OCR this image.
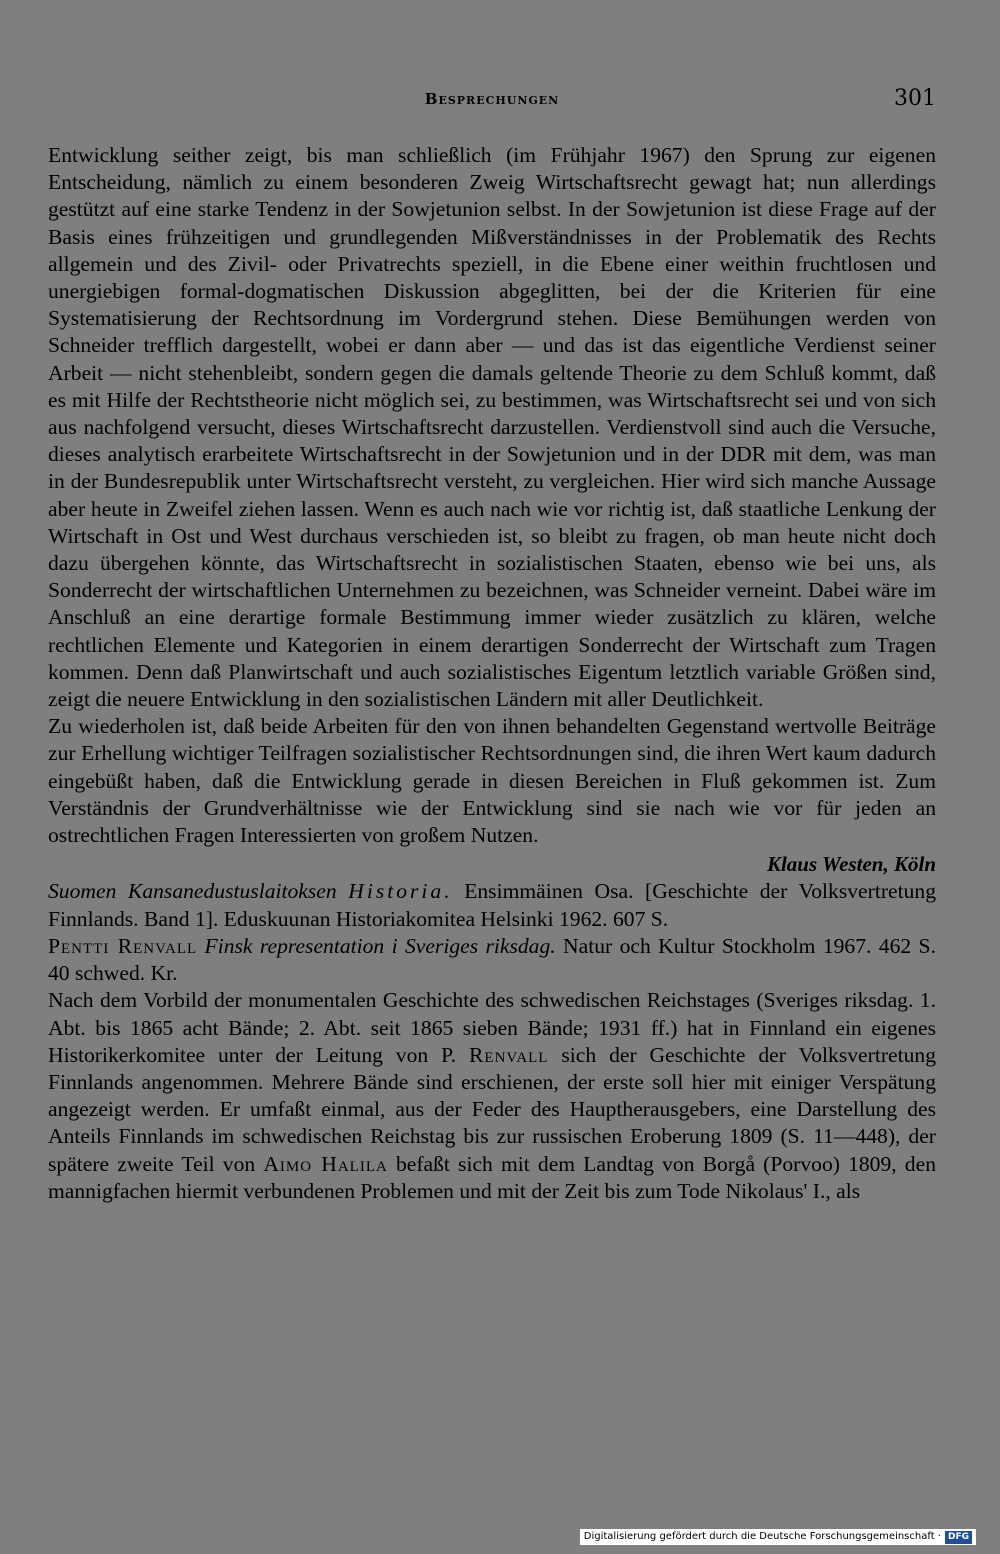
Besprechungen	301

Entwicklung seither zeigt, bis man schließlich (im Frühjahr 1967) den Sprung zur eigenen Entscheidung, nämlich zu einem besonderen Zweig Wirtschaftsrecht gewagt hat; nun allerdings gestützt auf eine starke Tendenz in der Sowjetunion selbst. In der Sowjetunion ist diese Frage auf der Basis eines frühzeitigen und grundlegenden Mißverständnisses in der Problematik des Rechts allgemein und des Zivil- oder Privatrechts speziell, in die Ebene einer weithin fruchtlosen und unergiebigen formal-dogmatischen Diskussion abgeglitten, bei der die Kriterien für eine Systematisierung der Rechtsordnung im Vordergrund stehen. Diese Bemühungen werden von Schneider trefflich dargestellt, wobei er dann aber — und das ist das eigentliche Verdienst seiner Arbeit — nicht stehenbleibt, sondern gegen die damals geltende Theorie zu dem Schluß kommt, daß es mit Hilfe der Rechtstheorie nicht möglich sei, zu bestimmen, was Wirtschaftsrecht sei und von sich aus nachfolgend versucht, dieses Wirtschaftsrecht darzustellen. Verdienstvoll sind auch die Versuche, dieses analytisch erarbeitete Wirtschaftsrecht in der Sowjetunion und in der DDR mit dem, was man in der Bundesrepublik unter Wirtschaftsrecht versteht, zu vergleichen. Hier wird sich manche Aussage aber heute in Zweifel ziehen lassen. Wenn es auch nach wie vor richtig ist, daß staatliche Lenkung der Wirtschaft in Ost und West durchaus verschieden ist, so bleibt zu fragen, ob man heute nicht doch dazu übergehen könnte, das Wirtschaftsrecht in sozialistischen Staaten, ebenso wie bei uns, als Sonderrecht der wirtschaftlichen Unternehmen zu bezeichnen, was Schneider verneint. Dabei wäre im Anschluß an eine derartige formale Bestimmung immer wieder zusätzlich zu klären, welche rechtlichen Elemente und Kategorien in einem derartigen Sonderrecht der Wirtschaft zum Tragen kommen. Denn daß Planwirtschaft und auch sozialistisches Eigentum letztlich variable Größen sind, zeigt die neuere Entwicklung in den sozialistischen Ländern mit aller Deutlichkeit.

Zu wiederholen ist, daß beide Arbeiten für den von ihnen behandelten Gegenstand wertvolle Beiträge zur Erhellung wichtiger Teilfragen sozialistischer Rechtsordnungen sind, die ihren Wert kaum dadurch eingebüßt haben, daß die Entwicklung gerade in diesen Bereichen in Fluß gekommen ist. Zum Verständnis der Grundverhältnisse wie der Entwicklung sind sie nach wie vor für jeden an ostrechtlichen Fragen Interessierten von großem Nutzen.

Klaus Westen, Köln

Suomen Kansanedustuslaitoksen Historia. Ensimmäinen Osa. [Geschichte der Volksvertretung Finnlands. Band 1]. Eduskuunan Historiakomitea Helsinki 1962. 607 S.
Pentti Renvall Finsk representation i Sveriges riksdag. Natur och Kultur Stockholm 1967. 462 S. 40 schwed. Kr.

Nach dem Vorbild der monumentalen Geschichte des schwedischen Reichstages (Sveriges riksdag. 1. Abt. bis 1865 acht Bände; 2. Abt. seit 1865 sieben Bände; 1931 ff.) hat in Finnland ein eigenes Historikerkomitee unter der Leitung von P. Renvall sich der Geschichte der Volksvertretung Finnlands angenommen. Mehrere Bände sind erschienen, der erste soll hier mit einiger Verspätung angezeigt werden. Er umfaßt einmal, aus der Feder des Hauptherausgebers, eine Darstellung des Anteils Finnlands im schwedischen Reichstag bis zur russischen Eroberung 1809 (S. 11—448), der spätere zweite Teil von Aimo Halila befaßt sich mit dem Landtag von Borgå (Porvoo) 1809, den mannigfachen hiermit verbundenen Problemen und mit der Zeit bis zum Tode Nikolaus' I., als

Digitalisierung gefördert durch die Deutsche Forschungsgemeinschaft · DFG
